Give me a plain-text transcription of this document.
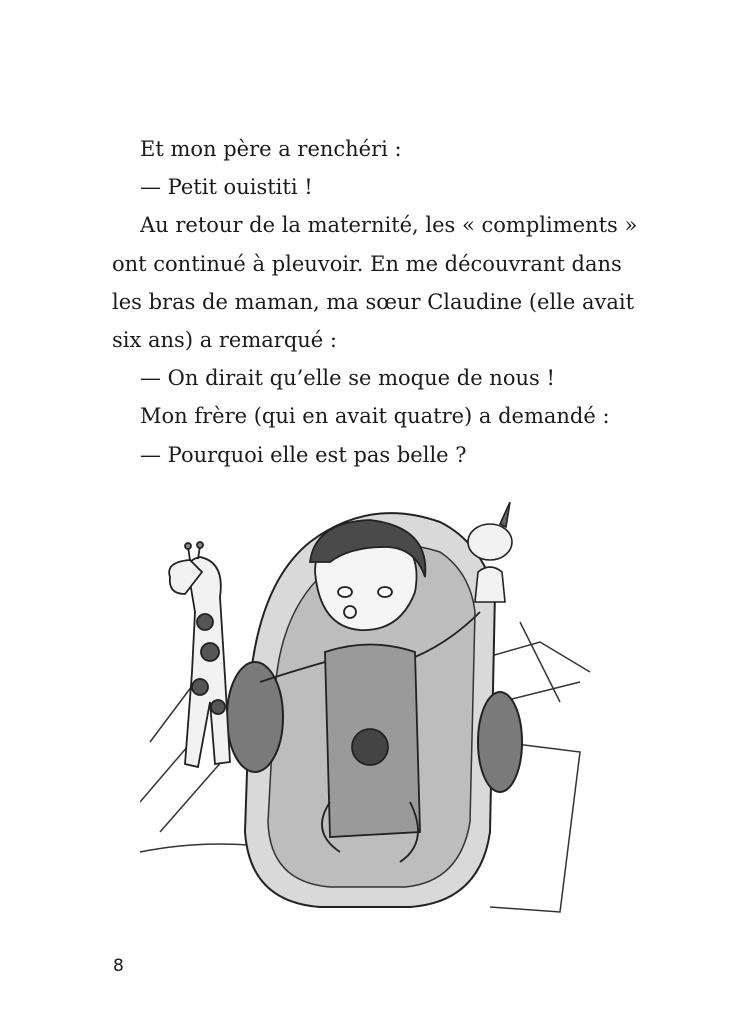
Et mon père a renchéri :

— Petit ouistiti !

Au retour de la maternité, les « compliments »

ont continué à pleuvoir. En me découvrant dans

les bras de maman, ma sœur Claudine (elle avait

six ans) a remarqué :

— On dirait qu’elle se moque de nous !

Mon frère (qui en avait quatre) a demandé :

— Pourquoi elle est pas belle ?

8
